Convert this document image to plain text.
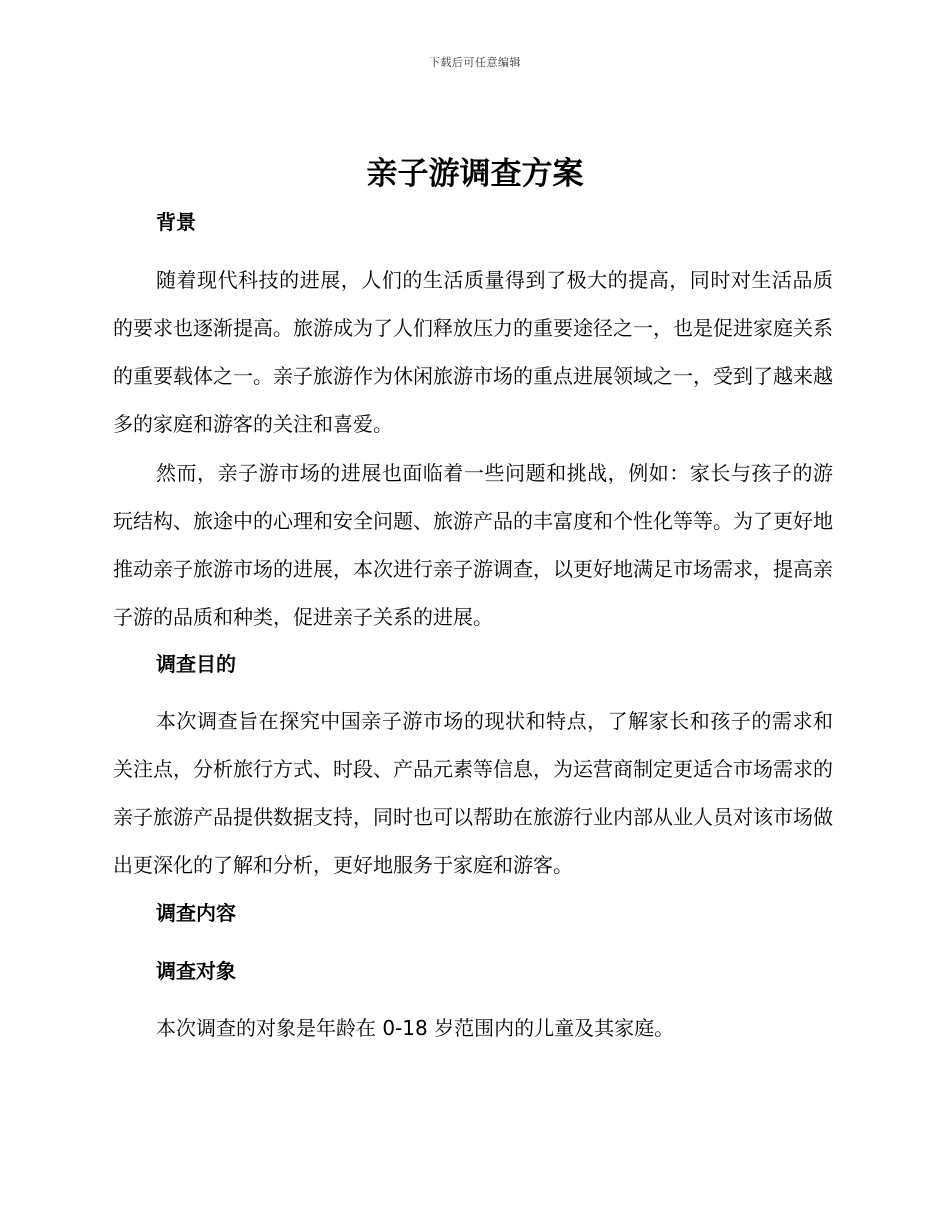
下载后可任意编辑
亲子游调查方案
背景

随着现代科技的进展，人们的生活质量得到了极大的提高，同时对生活品质的要求也逐渐提高。旅游成为了人们释放压力的重要途径之一，也是促进家庭关系的重要载体之一。亲子旅游作为休闲旅游市场的重点进展领域之一，受到了越来越多的家庭和游客的关注和喜爱。

然而，亲子游市场的进展也面临着一些问题和挑战，例如：家长与孩子的游玩结构、旅途中的心理和安全问题、旅游产品的丰富度和个性化等等。为了更好地推动亲子旅游市场的进展，本次进行亲子游调查，以更好地满足市场需求，提高亲子游的品质和种类，促进亲子关系的进展。

调查目的

本次调查旨在探究中国亲子游市场的现状和特点，了解家长和孩子的需求和关注点，分析旅行方式、时段、产品元素等信息，为运营商制定更适合市场需求的亲子旅游产品提供数据支持，同时也可以帮助在旅游行业内部从业人员对该市场做出更深化的了解和分析，更好地服务于家庭和游客。

调查内容
调查对象

本次调查的对象是年龄在 0-18 岁范围内的儿童及其家庭。
